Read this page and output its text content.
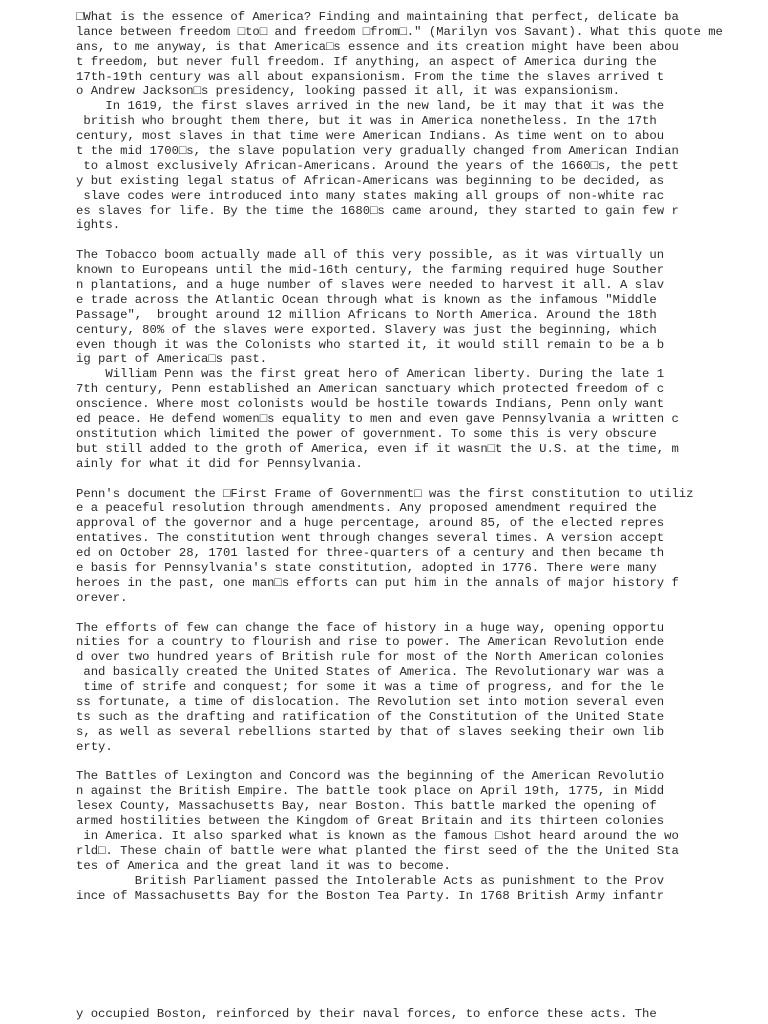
□What is the essence of America? Finding and maintaining that perfect, delicate ba
lance between freedom □to□ and freedom □from□." (Marilyn vos Savant). What this quote me
ans, to me anyway, is that America□s essence and its creation might have been abou
t freedom, but never full freedom. If anything, an aspect of America during the
17th-19th century was all about expansionism. From the time the slaves arrived t
o Andrew Jackson□s presidency, looking passed it all, it was expansionism.
In 1619, the first slaves arrived in the new land, be it may that it was the
british who brought them there, but it was in America nonetheless. In the 17th
century, most slaves in that time were American Indians. As time went on to abou
t the mid 1700□s, the slave population very gradually changed from American Indian
to almost exclusively African-Americans. Around the years of the 1660□s, the pett
y but existing legal status of African-Americans was beginning to be decided, as
slave codes were introduced into many states making all groups of non-white rac
es slaves for life. By the time the 1680□s came around, they started to gain few r
ights.
The Tobacco boom actually made all of this very possible, as it was virtually un
known to Europeans until the mid-16th century, the farming required huge Souther
n plantations, and a huge number of slaves were needed to harvest it all. A slav
e trade across the Atlantic Ocean through what is known as the infamous "Middle
Passage",  brought around 12 million Africans to North America. Around the 18th
century, 80% of the slaves were exported. Slavery was just the beginning, which
even though it was the Colonists who started it, it would still remain to be a b
ig part of America□s past.
William Penn was the first great hero of American liberty. During the late 1
7th century, Penn established an American sanctuary which protected freedom of c
onscience. Where most colonists would be hostile towards Indians, Penn only want
ed peace. He defend women□s equality to men and even gave Pennsylvania a written c
onstitution which limited the power of government. To some this is very obscure
but still added to the groth of America, even if it wasn□t the U.S. at the time, m
ainly for what it did for Pennsylvania.
Penn's document the □First Frame of Government□ was the first constitution to utiliz
e a peaceful resolution through amendments. Any proposed amendment required the
approval of the governor and a huge percentage, around 85, of the elected repres
entatives. The constitution went through changes several times. A version accept
ed on October 28, 1701 lasted for three-quarters of a century and then became th
e basis for Pennsylvania's state constitution, adopted in 1776. There were many
heroes in the past, one man□s efforts can put him in the annals of major history f
orever.
The efforts of few can change the face of history in a huge way, opening opportu
nities for a country to flourish and rise to power. The American Revolution ende
d over two hundred years of British rule for most of the North American colonies
and basically created the United States of America. The Revolutionary war was a
time of strife and conquest; for some it was a time of progress, and for the le
ss fortunate, a time of dislocation. The Revolution set into motion several even
ts such as the drafting and ratification of the Constitution of the United State
s, as well as several rebellions started by that of slaves seeking their own lib
erty.
The Battles of Lexington and Concord was the beginning of the American Revolutio
n against the British Empire. The battle took place on April 19th, 1775, in Midd
lesex County, Massachusetts Bay, near Boston. This battle marked the opening of
armed hostilities between the Kingdom of Great Britain and its thirteen colonies
in America. It also sparked what is known as the famous □shot heard around the wo
rld□. These chain of battle were what planted the first seed of the the United Sta
tes of America and the great land it was to become.
British Parliament passed the Intolerable Acts as punishment to the Prov
ince of Massachusetts Bay for the Boston Tea Party. In 1768 British Army infantr
y occupied Boston, reinforced by their naval forces, to enforce these acts. The
